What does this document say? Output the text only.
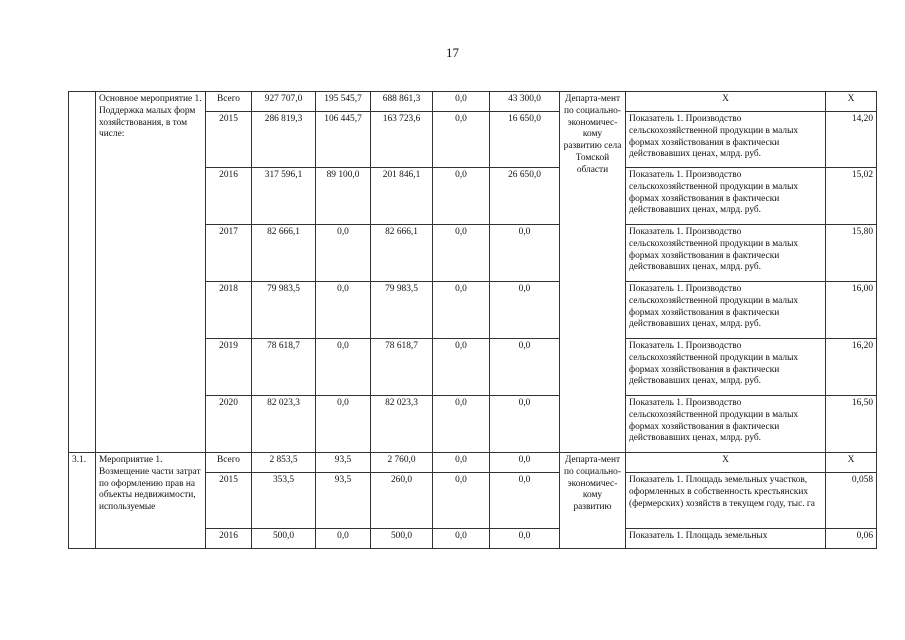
17
	Основное мероприятие 1. Поддержка малых форм хозяйствования, в том числе:	Всего	927 707,0	195 545,7	688 861,3	0,0	43 300,0	Департа-мент по социально-экономичес-кому развитию села Томской области	Х	Х
		2015	286 819,3	106 445,7	163 723,6	0,0	16 650,0		Показатель 1. Производство сельскохозяйственной продукции в малых формах хозяйствования в фактически действовавших ценах, млрд. руб.	14,20
		2016	317 596,1	89 100,0	201 846,1	0,0	26 650,0		Показатель 1. Производство сельскохозяйственной продукции в малых формах хозяйствования в фактически действовавших ценах, млрд. руб.	15,02
		2017	82 666,1	0,0	82 666,1	0,0	0,0		Показатель 1. Производство сельскохозяйственной продукции в малых формах хозяйствования в фактически действовавших ценах, млрд. руб.	15,80
		2018	79 983,5	0,0	79 983,5	0,0	0,0		Показатель 1. Производство сельскохозяйственной продукции в малых формах хозяйствования в фактически действовавших ценах, млрд. руб.	16,00
		2019	78 618,7	0,0	78 618,7	0,0	0,0		Показатель 1. Производство сельскохозяйственной продукции в малых формах хозяйствования в фактически действовавших ценах, млрд. руб.	16,20
		2020	82 023,3	0,0	82 023,3	0,0	0,0		Показатель 1. Производство сельскохозяйственной продукции в малых формах хозяйствования в фактически действовавших ценах, млрд. руб.	16,50
3.1.	Мероприятие 1. Возмещение части затрат по оформлению прав на объекты недвижимости, используемые	Всего	2 853,5	93,5	2 760,0	0,0	0,0	Департа-мент по социально-экономичес-кому развитию	Х	Х
		2015	353,5	93,5	260,0	0,0	0,0		Показатель 1. Площадь земельных участков, оформленных в собственность крестьянских (фермерских) хозяйств в текущем году, тыс. га	0,058
		2016	500,0	0,0	500,0	0,0	0,0		Показатель 1. Площадь земельных	0,06
